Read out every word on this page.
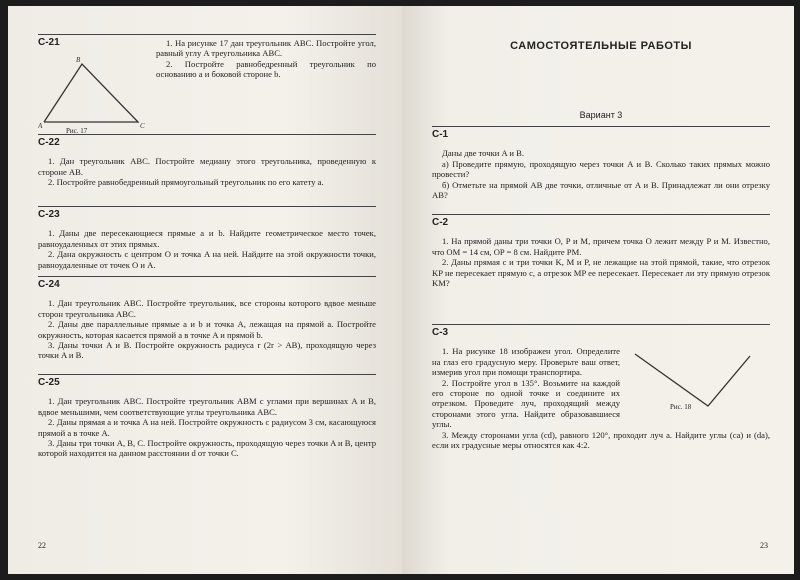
С-21
B
A	C
Рис. 17

1. На рисунке 17 дан треугольник ABC. Постройте угол, равный углу A треугольника ABC.

2. Постройте равнобедренный треугольник по основанию a и боковой стороне b.

С-22

1. Дан треугольник ABC. Постройте медиану этого треугольника, проведенную к стороне AB.

2. Постройте равнобедренный прямоугольный треугольник по его катету a.

С-23

1. Даны две пересекающиеся прямые a и b. Найдите геометрическое место точек, равноудаленных от этих прямых.

2. Дана окружность с центром O и точка A на ней. Найдите на этой окружности точки, равноудаленные от точек O и A.

С-24

1. Дан треугольник ABC. Постройте треугольник, все стороны которого вдвое меньше сторон треугольника ABC.

2. Даны две параллельные прямые a и b и точка A, лежащая на прямой a. Постройте окружность, которая касается прямой a в точке A и прямой b.

3. Даны точки A и B. Постройте окружность радиуса r (2r > AB), проходящую через точки A и B.

С-25

1. Дан треугольник ABC. Постройте треугольник ABM с углами при вершинах A и B, вдвое меньшими, чем соответствующие углы треугольника ABC.

2. Даны прямая a и точка A на ней. Постройте окружность с радиусом 3 см, касающуюся прямой a в точке A.

3. Даны три точки A, B, C. Постройте окружность, проходящую через точки A и B, центр которой находится на данном расстоянии d от точки C.

22
САМОСТОЯТЕЛЬНЫЕ РАБОТЫ
Вариант 3
С-1

Даны две точки A и B.

а) Проведите прямую, проходящую через точки A и B. Сколько таких прямых можно провести?

б) Отметьте на прямой AB две точки, отличные от A и B. Принадлежат ли они отрезку AB?

С-2

1. На прямой даны три точки O, P и M, причем точка O лежит между P и M. Известно, что OM = 14 см, OP = 8 см. Найдите PM.

2. Даны прямая c и три точки K, M и P, не лежащие на этой прямой, такие, что отрезок KP не пересекает прямую c, а отрезок MP ее пересекает. Пересекает ли эту прямую отрезок KM?

С-3
Рис. 18

1. На рисунке 18 изображен угол. Определите на глаз его градусную меру. Проверьте ваш ответ, измерив угол при помощи транспортира.

2. Постройте угол в 135°. Возьмите на каждой его стороне по одной точке и соедините их отрезком. Проведите луч, проходящий между сторонами этого угла. Найдите образовавшиеся углы.

3. Между сторонами угла (cd), равного 120°, проходит луч a. Найдите углы (ca) и (da), если их градусные меры относятся как 4:2.

23
